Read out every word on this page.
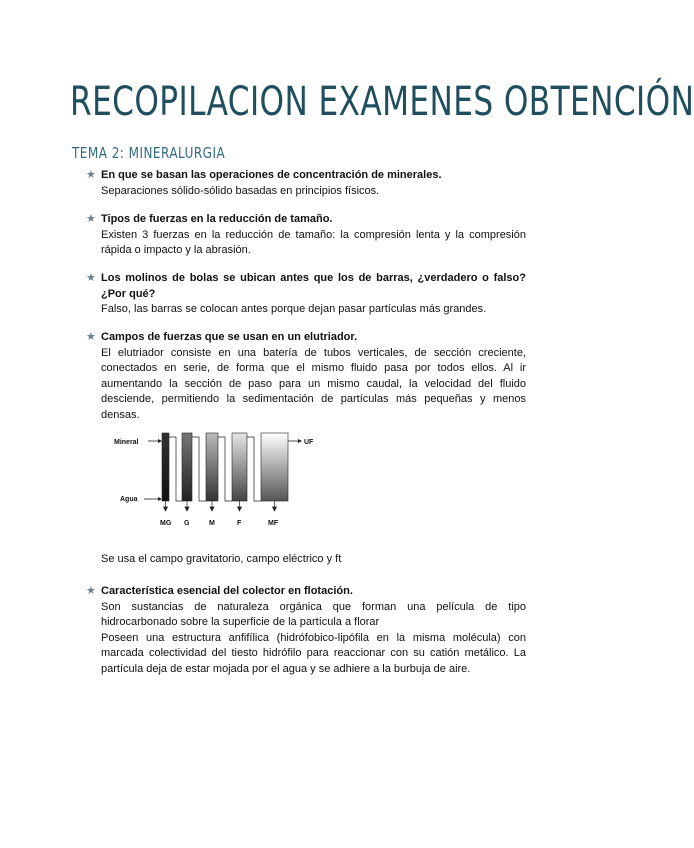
RECOPILACION EXAMENES OBTENCIÓN
TEMA 2: MINERALURGIA
★ En que se basan las operaciones de concentración de minerales.

Separaciones sólido-sólido basadas en principios físicos.

★ Tipos de fuerzas en la reducción de tamaño.

Existen 3 fuerzas en la reducción de tamaño: la compresión lenta y la compresión rápida o impacto y la abrasión.

★ Los molinos de bolas se ubican antes que los de barras, ¿verdadero o falso?¿Por qué?

Falso, las barras se colocan antes porque dejan pasar partículas más grandes.

★ Campos de fuerzas que se usan en un elutriador.

El elutriador consiste en una batería de tubos verticales, de sección creciente, conectados en serie, de forma que el mismo fluido pasa por todos ellos. Al ir aumentando la sección de paso para un mismo caudal, la velocidad del fluido desciende, permitiendo la sedimentación de partículas más pequeñas y menos densas.

Mineral
Agua
UF
MG G	M	F	MF
Se usa el campo gravitatorio, campo eléctrico y ft
★ Característica esencial del colector en flotación.

Son sustancias de naturaleza orgánica que forman una película de tipo hidrocarbonado sobre la superficie de la partícula a florar

Poseen una estructura anfifílica (hidrófobico-lipófila en la misma molécula) con marcada colectividad del tiesto hidrófilo para reaccionar con su catión metálico. La partícula deja de estar mojada por el agua y se adhiere a la burbuja de aire.
